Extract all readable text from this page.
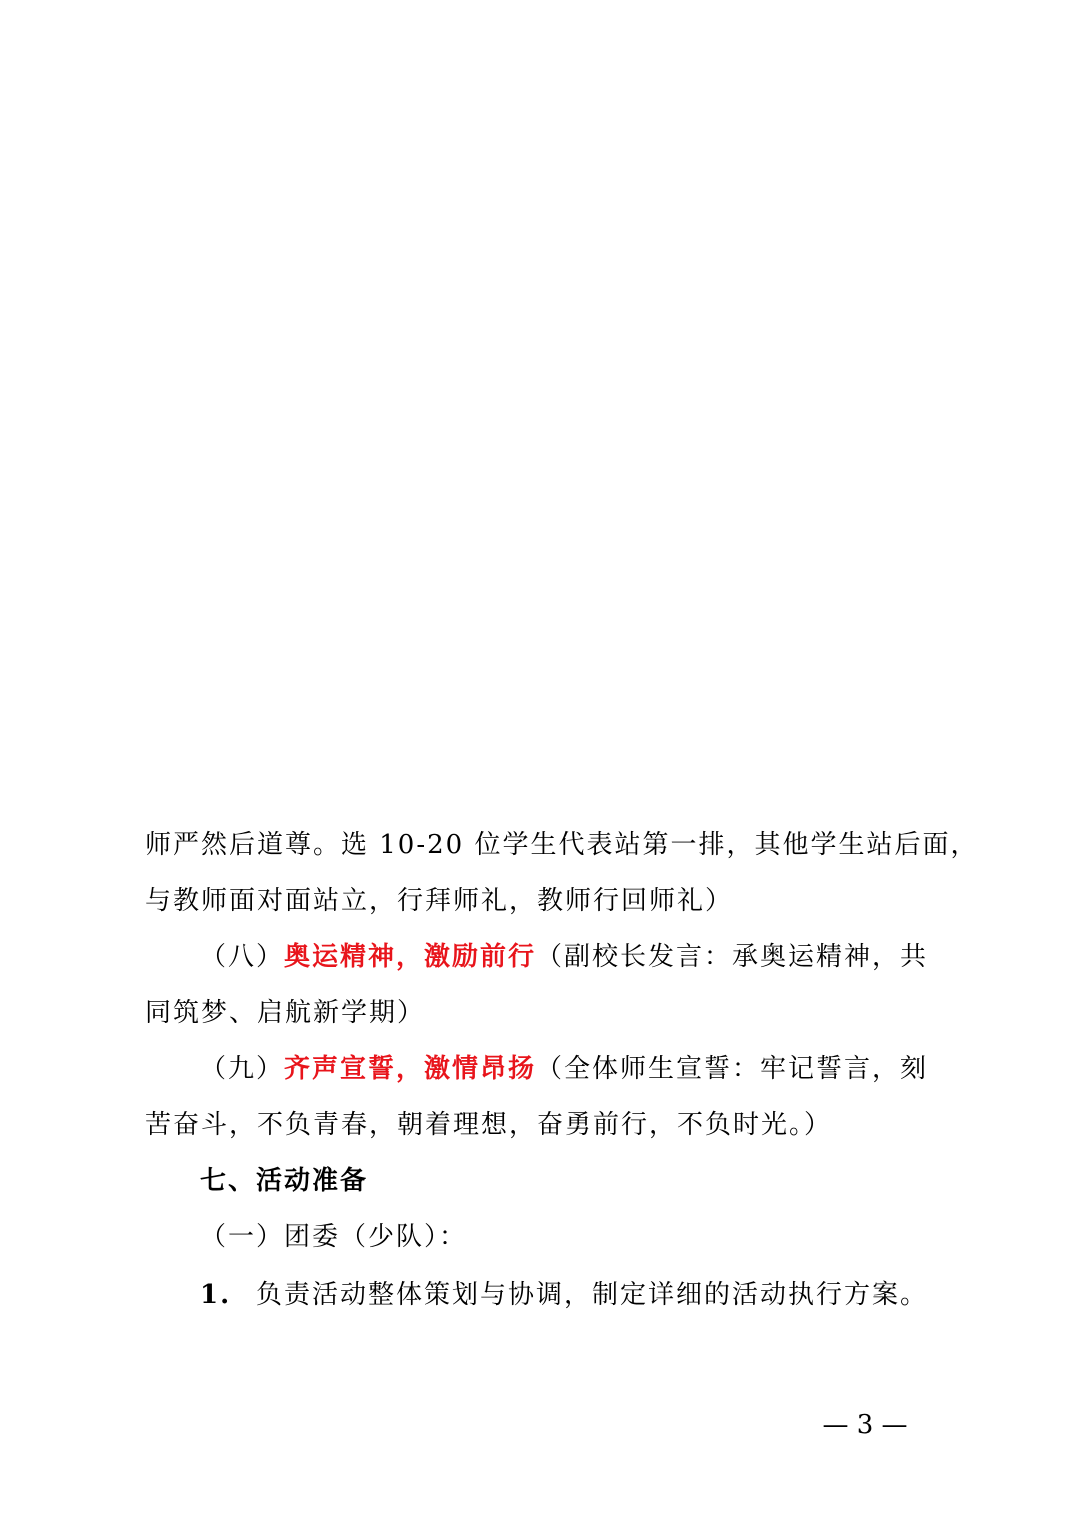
师严然后道尊。选 10-20 位学生代表站第一排，其他学生站后面，
与教师面对面站立，行拜师礼，教师行回师礼）
（八）奥运精神，激励前行（副校长发言：承奥运精神，共
同筑梦、启航新学期）
（九）齐声宣誓，激情昂扬（全体师生宣誓：牢记誓言，刻
苦奋斗，不负青春，朝着理想，奋勇前行，不负时光。）
七、活动准备
（一）团委（少队）：
1. 负责活动整体策划与协调，制定详细的活动执行方案。
— 3 —
